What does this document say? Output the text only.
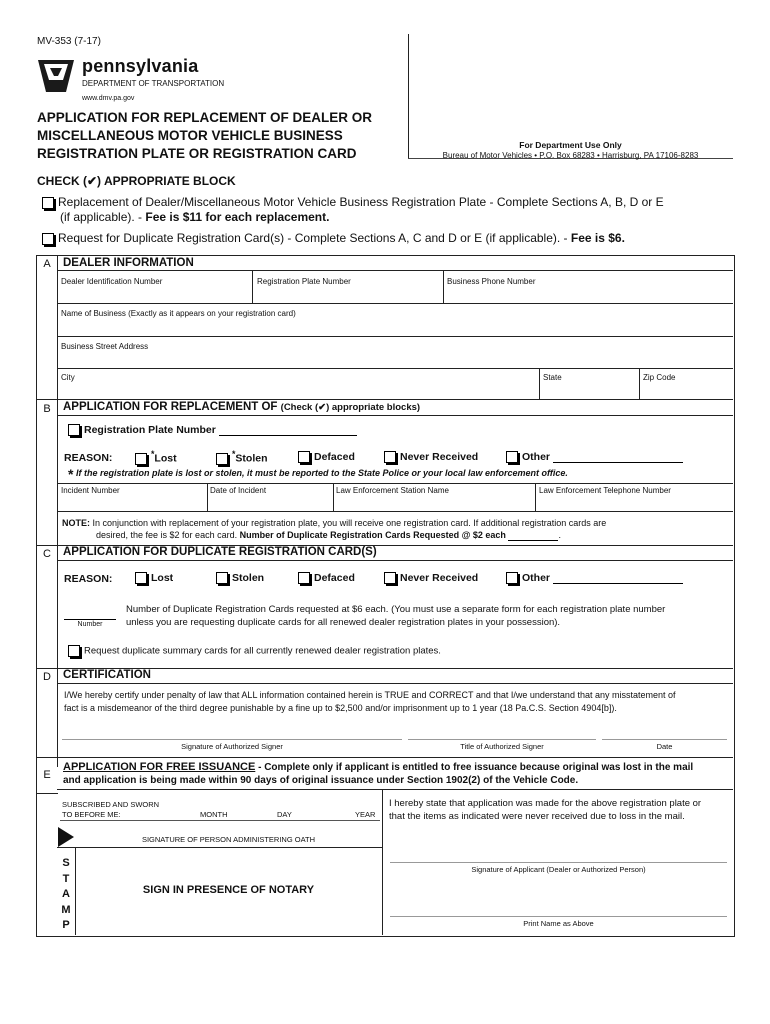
MV-353 (7-17)
pennsylvania
DEPARTMENT OF TRANSPORTATION
www.dmv.pa.gov
APPLICATION FOR REPLACEMENT OF DEALER OR
MISCELLANEOUS MOTOR VEHICLE BUSINESS
REGISTRATION PLATE OR REGISTRATION CARD
For Department Use Only
Bureau of Motor Vehicles • P.O. Box 68283 • Harrisburg, PA 17106-8283
CHECK (✔) APPROPRIATE BLOCK
Replacement of Dealer/Miscellaneous Motor Vehicle Business Registration Plate - Complete Sections A, B, D or E
(if applicable). - Fee is $11 for each replacement.
Request for Duplicate Registration Card(s) - Complete Sections A, C and D or E (if applicable). - Fee is $6.
A	DEALER INFORMATION
Dealer Identification Number	Registration Plate Number	Business Phone Number
Name of Business (Exactly as it appears on your registration card)
Business Street Address
City	State	Zip Code
B	APPLICATION FOR REPLACEMENT OF (Check (✔) appropriate blocks)
Registration Plate Number
REASON:	*Lost	*Stolen	Defaced	Never Received	Other
* If the registration plate is lost or stolen, it must be reported to the State Police or your local law enforcement office.
Incident Number	Date of Incident	Law Enforcement Station Name	Law Enforcement Telephone Number
NOTE: In conjunction with replacement of your registration plate, you will receive one registration card. If additional registration cards are
desired, the fee is $2 for each card. Number of Duplicate Registration Cards Requested @ $2 each	.
C	APPLICATION FOR DUPLICATE REGISTRATION CARD(S)
REASON:	Lost	Stolen	Defaced	Never Received	Other
Number
Number of Duplicate Registration Cards requested at $6 each. (You must use a separate form for each registration plate number
unless you are requesting duplicate cards for all renewed dealer registration plates in your possession).
Request duplicate summary cards for all currently renewed dealer registration plates.
D	CERTIFICATION
I/We hereby certify under penalty of law that ALL information contained herein is TRUE and CORRECT and that I/we understand that any misstatement of
fact is a misdemeanor of the third degree punishable by a fine up to $2,500 and/or imprisonment up to 1 year (18 Pa.C.S. Section 4904[b]).
Signature of Authorized Signer	Title of Authorized Signer	Date
E
APPLICATION FOR FREE ISSUANCE - Complete only if applicant is entitled to free issuance because original was lost in the mail
and application is being made within 90 days of original issuance under Section 1902(2) of the Vehicle Code.
SUBSCRIBED AND SWORN
TO BEFORE ME:	MONTH	DAY	YEAR
SIGNATURE OF PERSON ADMINISTERING OATH
S
T
A
M
P
SIGN IN PRESENCE OF NOTARY
I hereby state that application was made for the above registration plate or
that the items as indicated were never received due to loss in the mail.
Signature of Applicant (Dealer or Authorized Person)
Print Name as Above
